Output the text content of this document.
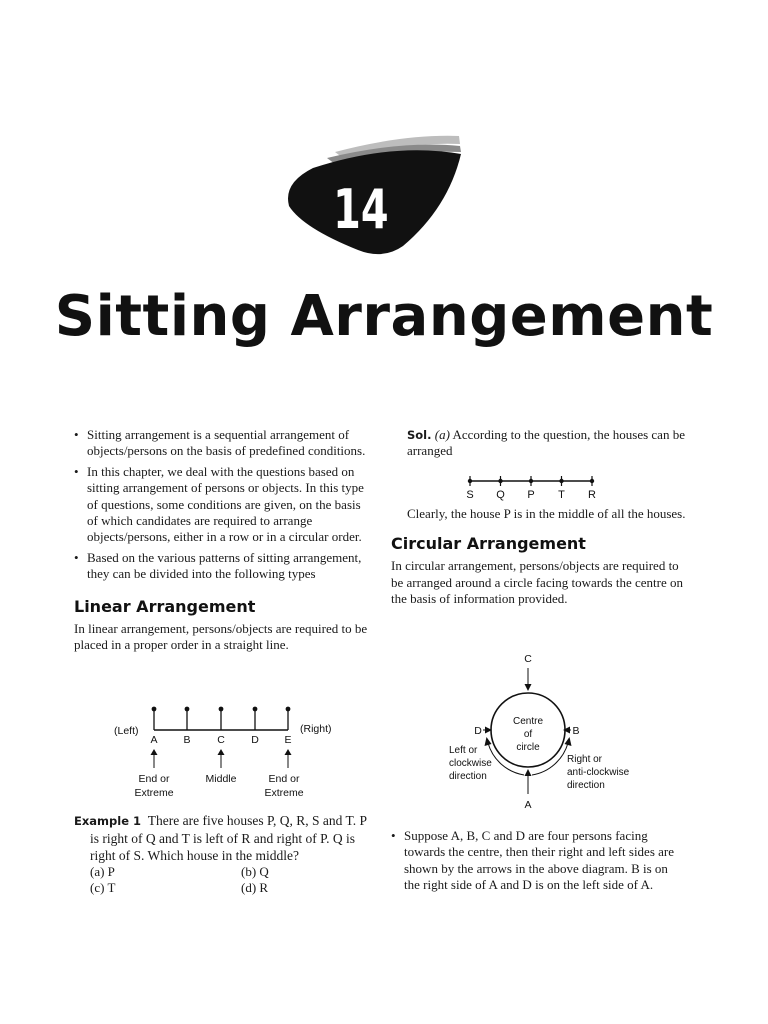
14
Sitting Arrangement
• Sitting arrangement is a sequential arrangement of objects/persons on the basis of predefined conditions.
• In this chapter, we deal with the questions based on sitting arrangement of persons or objects. In this type of questions, some conditions are given, on the basis of which candidates are required to arrange objects/persons, either in a row or in a circular order.
• Based on the various patterns of sitting arrangement, they can be divided into the following types
Linear Arrangement

In linear arrangement, persons/objects are required to be placed in a proper order in a straight line.

(Left)	(Right)
A B	C	D E
End or
Extreme
Middle	End or
Extreme
Example 1 There are five houses P, Q, R, S and T. P is right of Q and T is left of R and right of P. Q is right of S. Which house in the middle?
(a) P	(b) Q
(c) T	(d) R

Sol. (a) According to the question, the houses can be arranged

Clearly, the house P is in the middle of all the houses.

Circular Arrangement

In circular arrangement, persons/objects are required to be arranged around a circle facing towards the centre on the basis of information provided.

S Q P T R
C
A
D	B
Centre
of
circle
Left or
clockwise
direction
Right or
anti-clockwise
direction
• Suppose A, B, C and D are four persons facing towards the centre, then their right and left sides are shown by the arrows in the above diagram. B is on the right side of A and D is on the left side of A.
